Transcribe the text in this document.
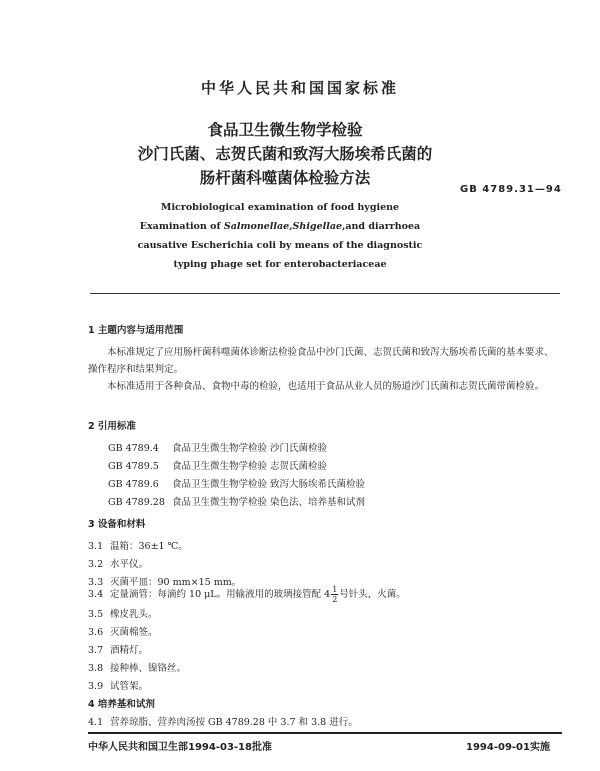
中华人民共和国国家标准
食品卫生微生物学检验
沙门氏菌、志贺氏菌和致泻大肠埃希氏菌的
肠杆菌科噬菌体检验方法
GB 4789.31—94
Microbiological examination of food hygiene
Examination of Salmonellae,Shigellae,and diarrhoea
causative Escherichia coli by means of the diagnostic
typing phage set for enterobacteriaceae
1 主题内容与适用范围
本标准规定了应用肠杆菌科噬菌体诊断法检验食品中沙门氏菌、志贺氏菌和致泻大肠埃希氏菌的基本要求、操作程序和结果判定。
本标准适用于各种食品、食物中毒的检验，也适用于食品从业人员的肠道沙门氏菌和志贺氏菌带菌检验。
2 引用标准
GB 4789.4 食品卫生微生物学检验 沙门氏菌检验
GB 4789.5 食品卫生微生物学检验 志贺氏菌检验
GB 4789.6 食品卫生微生物学检验 致泻大肠埃希氏菌检验
GB 4789.28 食品卫生微生物学检验 染色法、培养基和试剂
3 设备和材料
3.1 温箱：36±1 ℃。
3.2 水平仪。
3.3 灭菌平皿：90 mm×15 mm。
3.4 定量滴管：每滴约 10 μL。用输液用的玻璃接管配 $4 \frac{1}{2}$ 号针头，火菌。
3.5 橡皮乳头。
3.6 灭菌棉签。
3.7 酒精灯。
3.8 接种棒、镍铬丝。
3.9 试管架。
4 培养基和试剂
4.1 营养琼脂、营养肉汤按 GB 4789.28 中 3.7 和 3.8 进行。
中华人民共和国卫生部1994-03-18批准	1994-09-01实施
